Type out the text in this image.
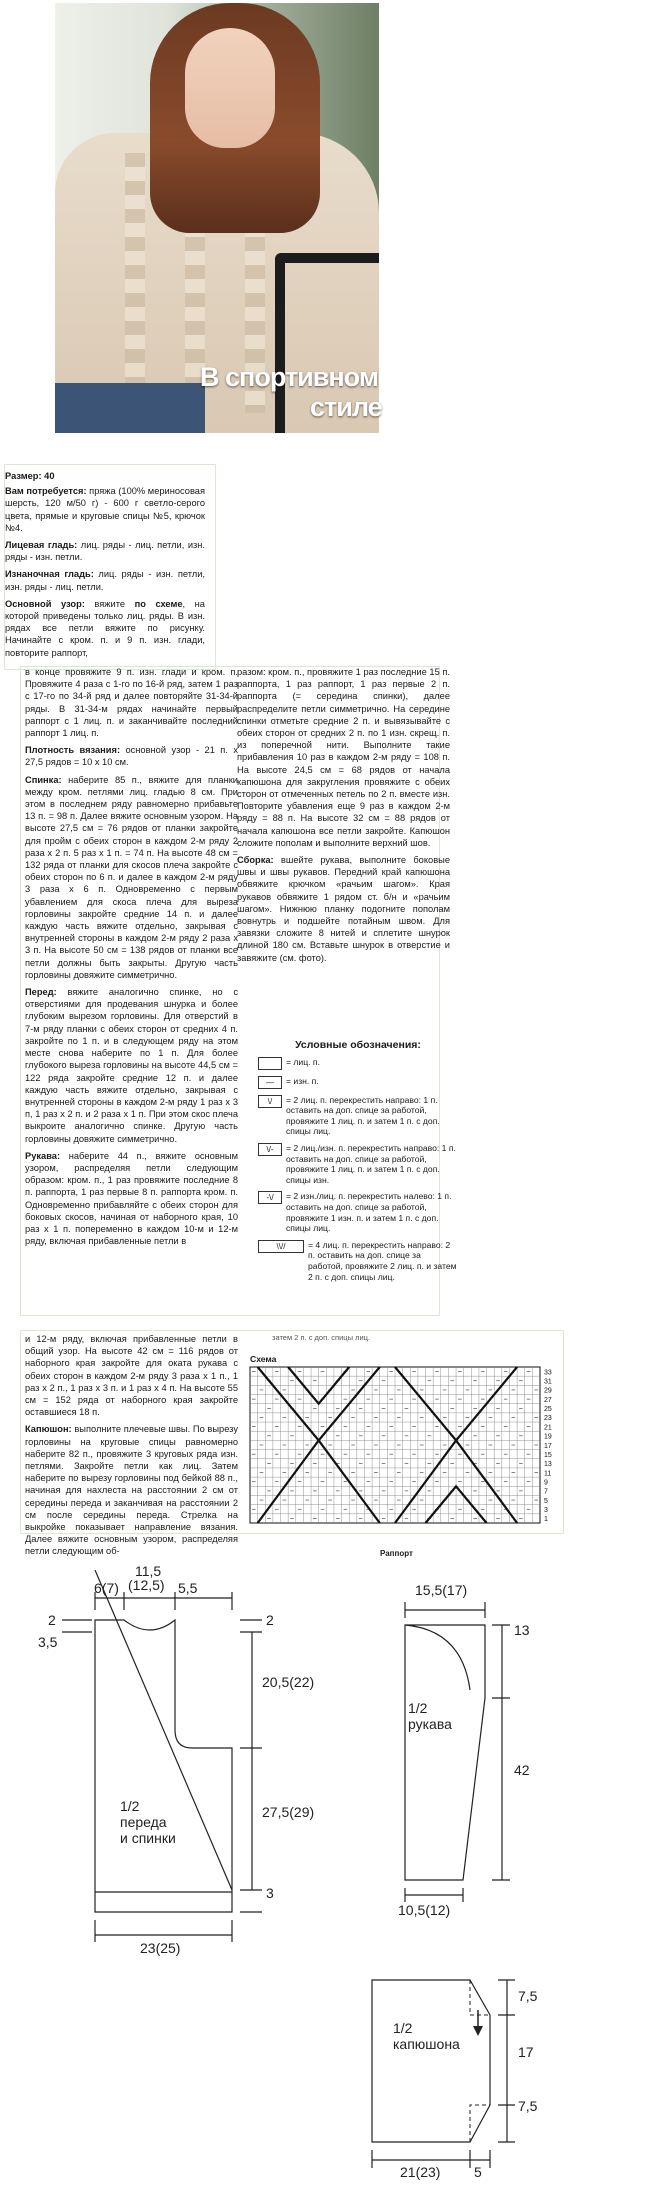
В спортивном
стиле
Размер: 40

Вам потребуется: пряжа (100% мериносовая шерсть, 120 м/50 г) - 600 г светло-серого цвета, прямые и круговые спицы №5, крючок №4.

Лицевая гладь: лиц. ряды - лиц. петли, изн. ряды - изн. петли.

Изнаночная гладь: лиц. ряды - изн. петли, изн. ряды - лиц. петли.

Основной узор: вяжите по схеме, на которой приведены только лиц. ряды. В изн. рядах все петли вяжите по рисунку. Начинайте с кром. п. и 9 п. изн. глади, повторите раппорт,

в конце провяжите 9 п. изн. глади и кром. п. Провяжите 4 раза с 1-го по 16-й ряд, затем 1 раз с 17-го по 34-й ряд и далее повторяйте 31-34-й ряды. В 31-34-м рядах начинайте первый раппорт с 1 лиц. п. и заканчивайте последний раппорт 1 лиц. п.

Плотность вязания: основной узор - 21 п. х 27,5 рядов = 10 х 10 см.

Спинка: наберите 85 п., вяжите для планки между кром. петлями лиц. гладью 8 см. При этом в последнем ряду равномерно прибавьте 13 п. = 98 п. Далее вяжите основным узором. На высоте 27,5 см = 76 рядов от планки закройте для пройм с обеих сторон в каждом 2-м ряду 2 раза х 2 п. 5 раз х 1 п. = 74 п. На высоте 48 см = 132 ряда от планки для скосов плеча закройте с обеих сторон по 6 п. и далее в каждом 2-м ряду 3 раза х 6 п. Одновременно с первым убавлением для скоса плеча для выреза горловины закройте средние 14 п. и далее каждую часть вяжите отдельно, закрывая с внутренней стороны в каждом 2-м ряду 2 раза х 3 п. На высоте 50 см = 138 рядов от планки все петли должны быть закрыты. Другую часть горловины довяжите симметрично.

Перед: вяжите аналогично спинке, но с отверстиями для продевания шнурка и более глубоким вырезом горловины. Для отверстий в 7-м ряду планки с обеих сторон от средних 4 п. закройте по 1 п. и в следующем ряду на этом месте снова наберите по 1 п. Для более глубокого выреза горловины на высоте 44,5 см = 122 ряда закройте средние 12 п. и далее каждую часть вяжите отдельно, закрывая с внутренней стороны в каждом 2-м ряду 1 раз х 3 п, 1 раз х 2 п. и 2 раза х 1 п. При этом скос плеча выкроите аналогично спинке. Другую часть горловины довяжите симметрично.

Рукава: наберите 44 п., вяжите основным узором, распределяя петли следующим образом: кром. п., 1 раз провяжите последние 8 п. раппорта, 1 раз первые 8 п. раппорта кром. п. Одновременно прибавляйте с обеих сторон для боковых скосов, начиная от наборного края, 10 раз х 1 п. попеременно в каждом 10-м и 12-м ряду, включая прибавленные петли в

разом: кром. п., провяжите 1 раз последние 15 п. раппорта, 1 раз раппорт, 1 раз первые 2 п. раппорта (= середина спинки), далее распределите петли симметрично. На середине спинки отметьте средние 2 п. и вывязывайте с обеих сторон от средних 2 п. по 1 изн. скрещ. п. из поперечной нити. Выполните такие прибавления 10 раз в каждом 2-м ряду = 108 п. На высоте 24,5 см = 68 рядов от начала капюшона для закругления провяжите с обеих сторон от отмеченных петель по 2 п. вместе изн. Повторите убавления еще 9 раз в каждом 2-м ряду = 88 п. На высоте 32 см = 88 рядов от начала капюшона все петли закройте. Капюшон сложите пополам и выполните верхний шов.

Сборка: вшейте рукава, выполните боковые швы и швы рукавов. Передний край капюшона обвяжите крючком «рачьим шагом». Края рукавов обвяжите 1 рядом ст. б/н и «рачьим шагом». Нижнюю планку подогните пополам вовнутрь и подшейте потайным швом. Для завязки сложите 8 нитей и сплетите шнурок длиной 180 см. Вставьте шнурок в отверстие и завяжите (см. фото).

Условные обозначения:
= лиц. п.
—	= изн. п.
\/	= 2 лиц. п. перекрестить направо: 1 п. оставить на доп. спице за работой, провяжите 1 лиц. п. и затем 1 п. с доп. спицы лиц.
\/-	= 2 лиц./изн. п. перекрестить направо: 1 п. оставить на доп. спице за работой, провяжите 1 лиц. п. и затем 1 п. с доп. спицы изн.
-\/	= 2 изн./лиц. п. перекрестить налево: 1 п. оставить на доп. спице за работой, провяжите 1 изн. п. и затем 1 п. с доп. спицы лиц.
\\//	= 4 лиц. п. перекрестить направо: 2 п. оставить на доп. спице за работой, провяжите 2 лиц. п. и затем 2 п. с доп. спицы лиц.

и 12-м ряду, включая прибавленные петли в общий узор. На высоте 42 см = 116 рядов от наборного края закройте для оката рукава с обеих сторон в каждом 2-м ряду 3 раза х 1 п., 1 раз х 2 п., 1 раз х 3 п. и 1 раз х 4 п. На высоте 55 см = 152 ряда от наборного края закройте оставшиеся 18 п.

Капюшон: выполните плечевые швы. По вырезу горловины на круговые спицы равномерно наберите 82 п., провяжите 3 круговых ряда изн. петлями. Закройте петли как лиц. Затем наберите по вырезу горловины под бейкой 88 п., начиная для нахлеста на расстоянии 2 см от середины переда и заканчивая на расстоянии 2 см после середины переда. Стрелка на выкройке показывает направление вязания. Далее вяжите основным узором, распределяя петли следующим об-

затем 2 п. с доп. спицы лиц.
Схема
33
31
29
27
25
23
21
19
17
15
13
11
9
7
5
3
1
Раппорт
1/2
переда
и спинки
11,5
(12,5)
6(7)	5,5
2
3,5
2
20,5(22)
27,5(29)
3
23(25)
1/2
рукава
15,5(17)
13
42
10,5(12)
1/2
капюшона
7,5
17
7,5
21(23) 5
